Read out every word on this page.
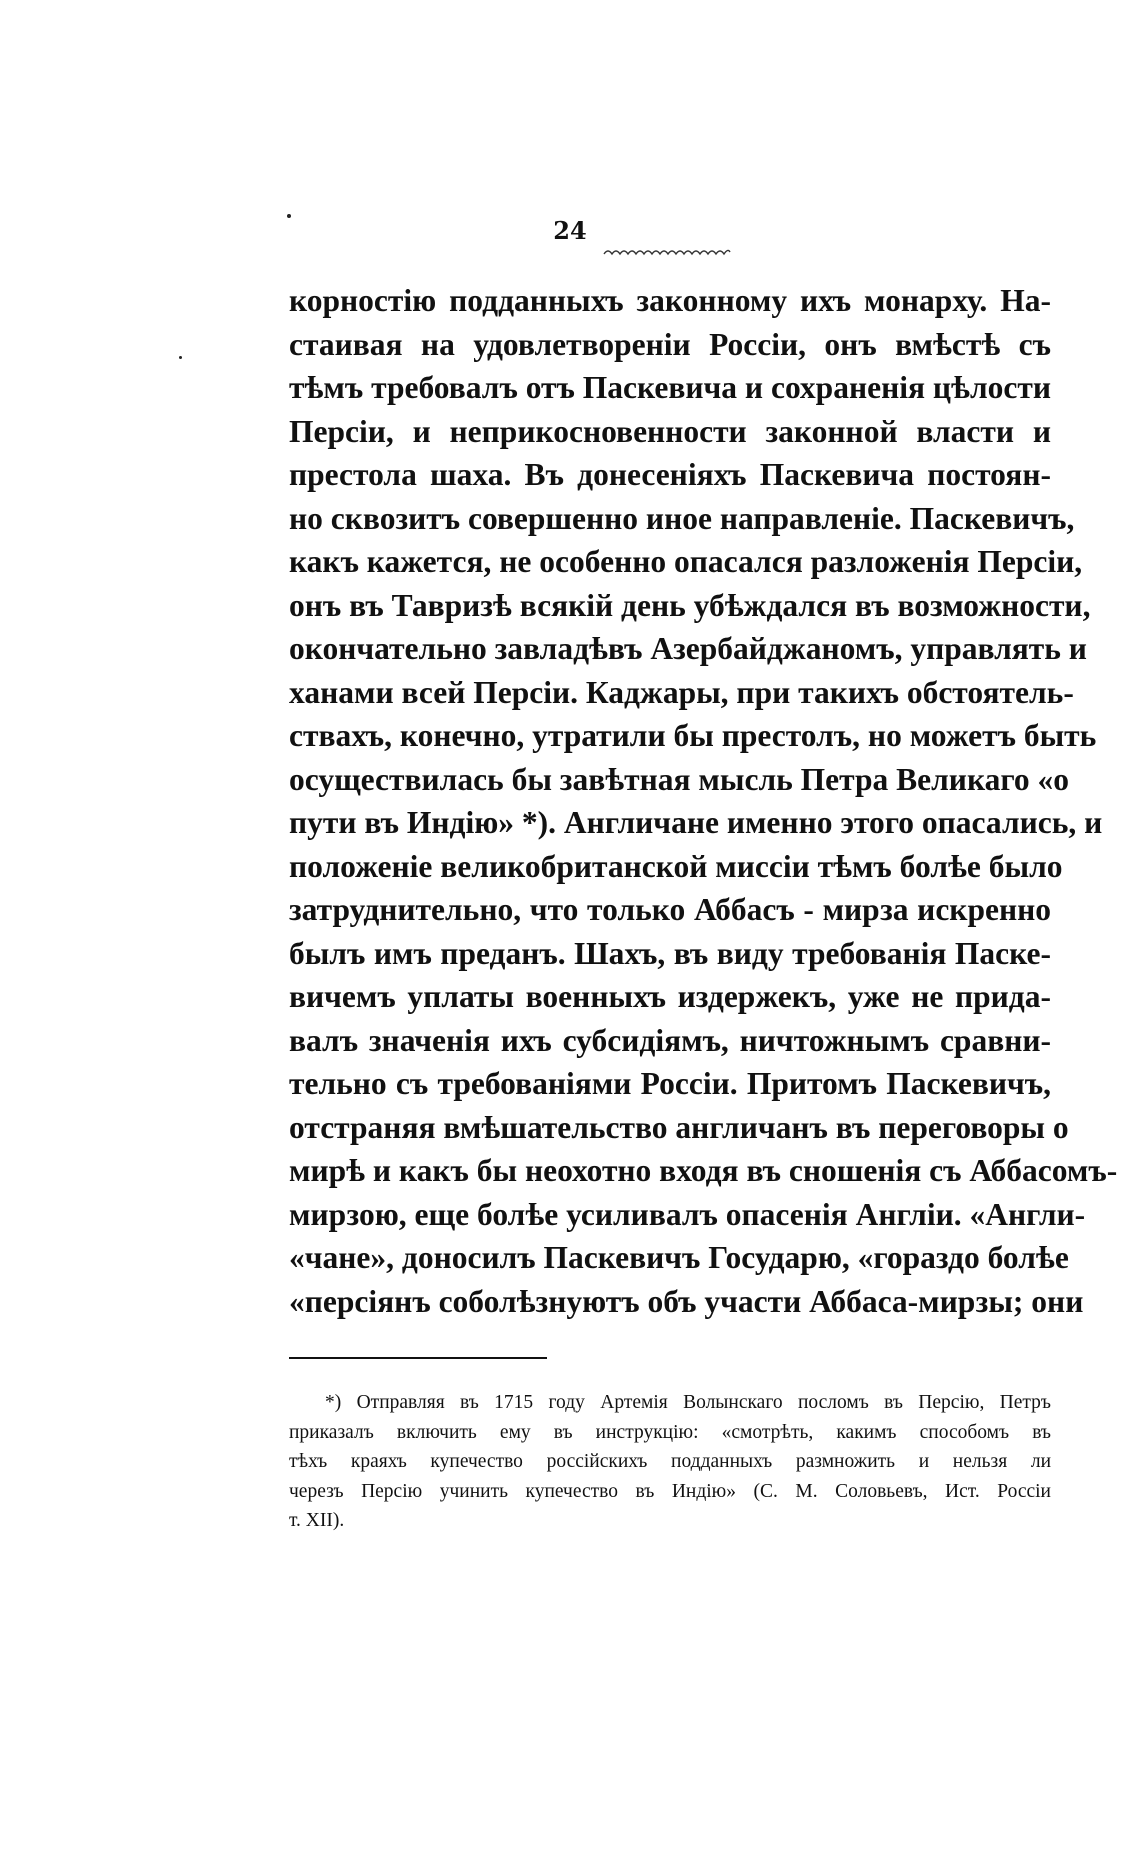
24
корностію подданныхъ законному ихъ монарху. На-
стаивая на удовлетвореніи Россіи, онъ вмѣстѣ съ
тѣмъ требовалъ отъ Паскевича и сохраненія цѣлости
Персіи, и неприкосновенности законной власти и
престола шаха. Въ донесеніяхъ Паскевича постоян-
но сквозитъ совершенно иное направленіе. Паскевичъ,
какъ кажется, не особенно опасался разложенія Персіи,
онъ въ Тавризѣ всякій день убѣждался въ возможности,
окончательно завладѣвъ Азербайджаномъ, управлять и
ханами всей Персіи. Каджары, при такихъ обстоятель-
ствахъ, конечно, утратили бы престолъ, но можетъ быть
осуществилась бы завѣтная мысль Петра Великаго «о
пути въ Индію» *). Англичане именно этого опасались, и
положеніе великобританской миссіи тѣмъ болѣе было
затруднительно, что только Аббасъ - мирза искренно
былъ имъ преданъ. Шахъ, въ виду требованія Паске-
вичемъ уплаты военныхъ издержекъ, уже не прида-
валъ значенія ихъ субсидіямъ, ничтожнымъ сравни-
тельно съ требованіями Россіи. Притомъ Паскевичъ,
отстраняя вмѣшательство англичанъ въ переговоры о
мирѣ и какъ бы неохотно входя въ сношенія съ Аббасомъ-
мирзою, еще болѣе усиливалъ опасенія Англіи. «Англи-
«чане», доносилъ Паскевичъ Государю, «гораздо болѣе
«персіянъ соболѣзнуютъ объ участи Аббаса-мирзы; они
*) Отправляя въ 1715 году Артемія Волынскаго посломъ въ Персію, Петръ
приказалъ включить ему въ инструкцію: «смотрѣть, какимъ способомъ въ
тѣхъ краяхъ купечество россійскихъ подданныхъ размножить и нельзя ли
черезъ Персію учинить купечество въ Индію» (С. М. Соловьевъ, Ист. Россіи
т. XII).
